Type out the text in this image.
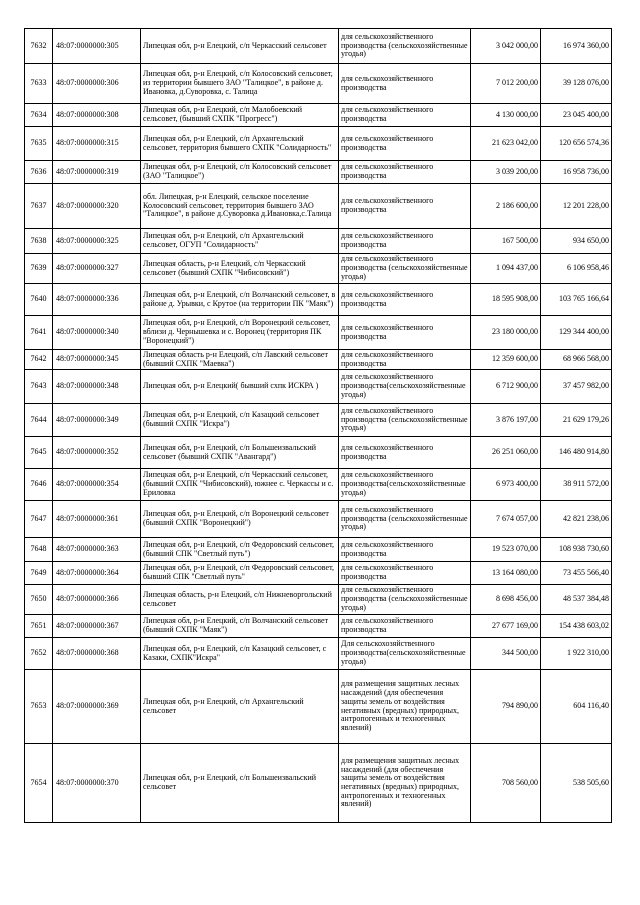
7632	48:07:0000000:305	Липецкая обл, р-н Елецкий, с/п Черкасский сельсовет	для сельскохозяйственного производства (сельскохозяйственные угодья)	3 042 000,00	16 974 360,00
7633	48:07:0000000:306	Липецкая обл, р-н Елецкий, с/п Колосовский сельсовет, из территории бывшего ЗАО "Талицкое", в районе д. Ивановка, д.Суворовка, с. Талица	для сельскохозяйственного производства	7 012 200,00	39 128 076,00
7634	48:07:0000000:308	Липецкая обл, р-н Елецкий, с/п Малобоевский сельсовет, (бывший СХПК "Прогресс")	для сельскохозяйственного производства	4 130 000,00	23 045 400,00
7635	48:07:0000000:315	Липецкая обл, р-н Елецкий, с/п Архангельский сельсовет, территория бывшего СХПК "Солидарность"	для сельскохозяйственного производства	21 623 042,00	120 656 574,36
7636	48:07:0000000:319	Липецкая обл, р-н Елецкий, с/п Колосовский сельсовет (ЗАО "Талицкое")	для сельскохозяйственного производства	3 039 200,00	16 958 736,00
7637	48:07:0000000:320	обл. Липецкая, р-н Елецкий, сельское поселение Колосовский сельсовет, территория бывшего ЗАО "Талицкое", в районе д.Суворовка д.Ивановка,с.Талица	для сельскохозяйственного производства	2 186 600,00	12 201 228,00
7638	48:07:0000000:325	Липецкая обл, р-н Елецкий, с/п Архангельский сельсовет, ОГУП "Солидарность"	для сельскохозяйственного производства	167 500,00	934 650,00
7639	48:07:0000000:327	Липецкая область, р-н Елецкий, с/п Черкасский сельсовет (бывший СХПК "Чибисовский")	для сельскохозяйственного производства (сельскохозяйственные угодья)	1 094 437,00	6 106 958,46
7640	48:07:0000000:336	Липецкая обл, р-н Елецкий, с/п Волчанский сельсовет, в районе д. Урывки, с Крутое (на территории ПК "Маяк")	для сельскохозяйственного производства	18 595 908,00	103 765 166,64
7641	48:07:0000000:340	Липецкая обл, р-н Елецкий, с/п Воронецкий сельсовет, вблизи д. Чернышевка и с. Воронец (территория ПК "Воронецкий")	для сельскохозяйственного производства	23 180 000,00	129 344 400,00
7642	48:07:0000000:345	Липецкая область р-н Елецкий, с/п Лавский сельсовет (бывший СХПК "Маевка")	для сельскохозяйственного производства	12 359 600,00	68 966 568,00
7643	48:07:0000000:348	Липецкая обл, р-н Елецкий( бывший схпк ИСКРА )	для сельскохозяйственного производства(сельскохозяйственные угодья)	6 712 900,00	37 457 982,00
7644	48:07:0000000:349	Липецкая обл, р-н Елецкий, с/п Казацкий сельсовет (бывший СХПК "Искра")	для сельскохозяйственного производства (сельскохозяйственные угодья)	3 876 197,00	21 629 179,26
7645	48:07:0000000:352	Липецкая обл, р-н Елецкий, с/п Большеизвальский сельсовет (бывший СХПК "Авангард")	для сельскохозяйственного производства	26 251 060,00	146 480 914,80
7646	48:07:0000000:354	Липецкая обл, р-н Елецкий, с/п Черкасский сельсовет, (бывший СХПК "Чибисовский), южнее с. Черкассы и с. Ериловка	для сельскохозяйственного производства(сельскохозяйственные угодья)	6 973 400,00	38 911 572,00
7647	48:07:0000000:361	Липецкая обл, р-н Елецкий, с/п Воронецкий сельсовет (бывший СХПК "Воронецкий")	для сельскохозяйственного производства (сельскохозяйственные угодья)	7 674 057,00	42 821 238,06
7648	48:07:0000000:363	Липецкая обл, р-н Елецкий, с/п Федоровский сельсовет, (бывший СПК "Светлый путь")	для сельскохозяйственного производства	19 523 070,00	108 938 730,60
7649	48:07:0000000:364	Липецкая обл, р-н Елецкий, с/п Федоровский сельсовет, бывший СПК "Светлый путь"	для сельскохозяйственного производства	13 164 080,00	73 455 566,40
7650	48:07:0000000:366	Липецкая область, р-н Елецкий, с/п Нижневоргольский сельсовет	для сельскохозяйственного производства (сельскохозяйственные угодья)	8 698 456,00	48 537 384,48
7651	48:07:0000000:367	Липецкая обл, р-н Елецкий, с/п Волчанский сельсовет (бывший СХПК "Маяк")	для сельскохозяйственного производства	27 677 169,00	154 438 603,02
7652	48:07:0000000:368	Липецкая обл, р-н Елецкий, с/п Казацкий сельсовет, с Казаки, СХПК"Искра"	Для сельскохозяйственного производства(сельскохозяйственные угодья)	344 500,00	1 922 310,00
7653	48:07:0000000:369	Липецкая обл, р-н Елецкий, с/п Архангельский сельсовет	для размещения защитных лесных насаждений (для обеспечения защиты земель от воздействия негативных (вредных) природных, антропогенных и техногенных явлений)	794 890,00	604 116,40
7654	48:07:0000000:370	Липецкая обл, р-н Елецкий, с/п Большеизвальский сельсовет	для размещения защитных лесных насаждений (для обеспечения защиты земель от воздействия негативных (вредных) природных, антропогенных и техногенных явлений)	708 560,00	538 505,60
